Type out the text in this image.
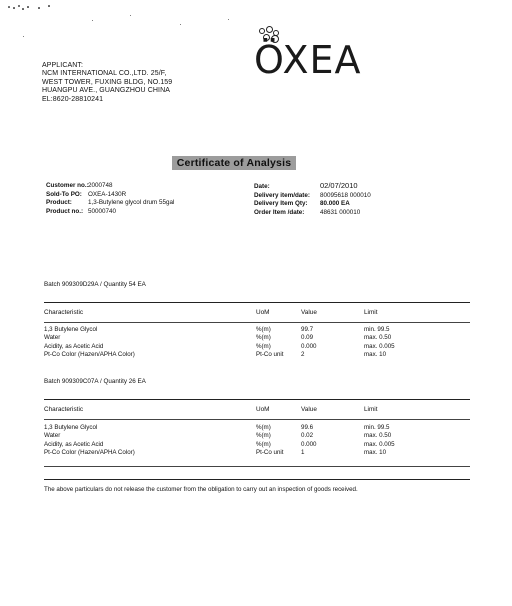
APPLICANT:
NCM INTERNATIONAL CO.,LTD. 25/F,
WEST TOWER, FUXING BLDG, NO.159
HUANGPU AVE., GUANGZHOU CHINA
EL:8620-28810241
ÖXEA
Certificate of Analysis
Customer no.:2000748
Sold-To PO: OXEA-1430R
Product:	1,3-Butylene glycol drum 55gal
Product no.: 50000740
Date:	02/07/2010
Delivery item/date: 80095618 000010
Delivery Item Qty: 80.000 EA
Order Item /date: 48631 000010
Batch 909309D29A / Quantity 54 EA
Characteristic	UoM	Value	Limit
1,3 Butylene Glycol	%(m)	99.7	min. 99.5
Water	%(m)	0.09	max. 0.50
Acidity, as Acetic Acid	%(m)	0.000	max. 0.005
Pt-Co Color (Hazen/APHA Color)	Pt-Co unit	2	max. 10
Batch 909309C07A / Quantity 26 EA
Characteristic	UoM	Value	Limit
1,3 Butylene Glycol	%(m)	99.6	min. 99.5
Water	%(m)	0.02	max. 0.50
Acidity, as Acetic Acid	%(m)	0.000	max. 0.005
Pt-Co Color (Hazen/APHA Color)	Pt-Co unit	1	max. 10
The above particulars do not release the customer from the obligation to carry out an inspection of goods received.
